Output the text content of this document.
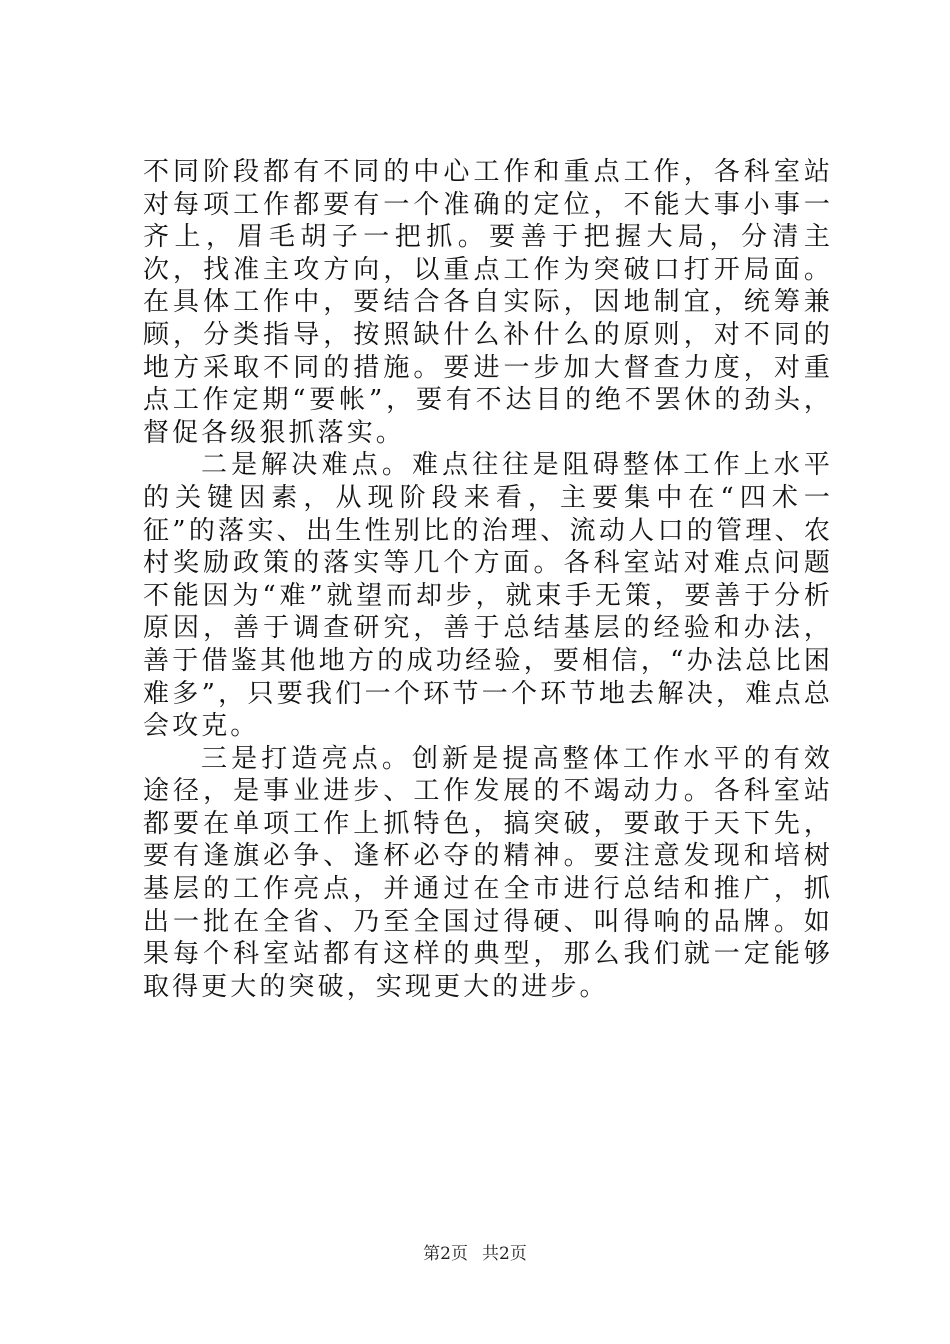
不同阶段都有不同的中心工作和重点工作，各科室站对每项工作都要有一个准确的定位，不能大事小事一齐上，眉毛胡子一把抓。要善于把握大局，分清主次，找准主攻方向，以重点工作为突破口打开局面。在具体工作中，要结合各自实际，因地制宜，统筹兼顾，分类指导，按照缺什么补什么的原则，对不同的地方采取不同的措施。要进一步加大督查力度，对重点工作定期“要帐”，要有不达目的绝不罢休的劲头，督促各级狠抓落实。

二是解决难点。难点往往是阻碍整体工作上水平的关键因素，从现阶段来看，主要集中在“四术一征”的落实、出生性别比的治理、流动人口的管理、农村奖励政策的落实等几个方面。各科室站对难点问题不能因为“难”就望而却步，就束手无策，要善于分析原因，善于调查研究，善于总结基层的经验和办法，善于借鉴其他地方的成功经验，要相信，“办法总比困难多”，只要我们一个环节一个环节地去解决，难点总会攻克。

三是打造亮点。创新是提高整体工作水平的有效途径，是事业进步、工作发展的不竭动力。各科室站都要在单项工作上抓特色，搞突破，要敢于天下先，要有逢旗必争、逢杯必夺的精神。要注意发现和培树基层的工作亮点，并通过在全市进行总结和推广，抓出一批在全省、乃至全国过得硬、叫得响的品牌。如果每个科室站都有这样的典型，那么我们就一定能够取得更大的突破，实现更大的进步。

第2页 共2页
